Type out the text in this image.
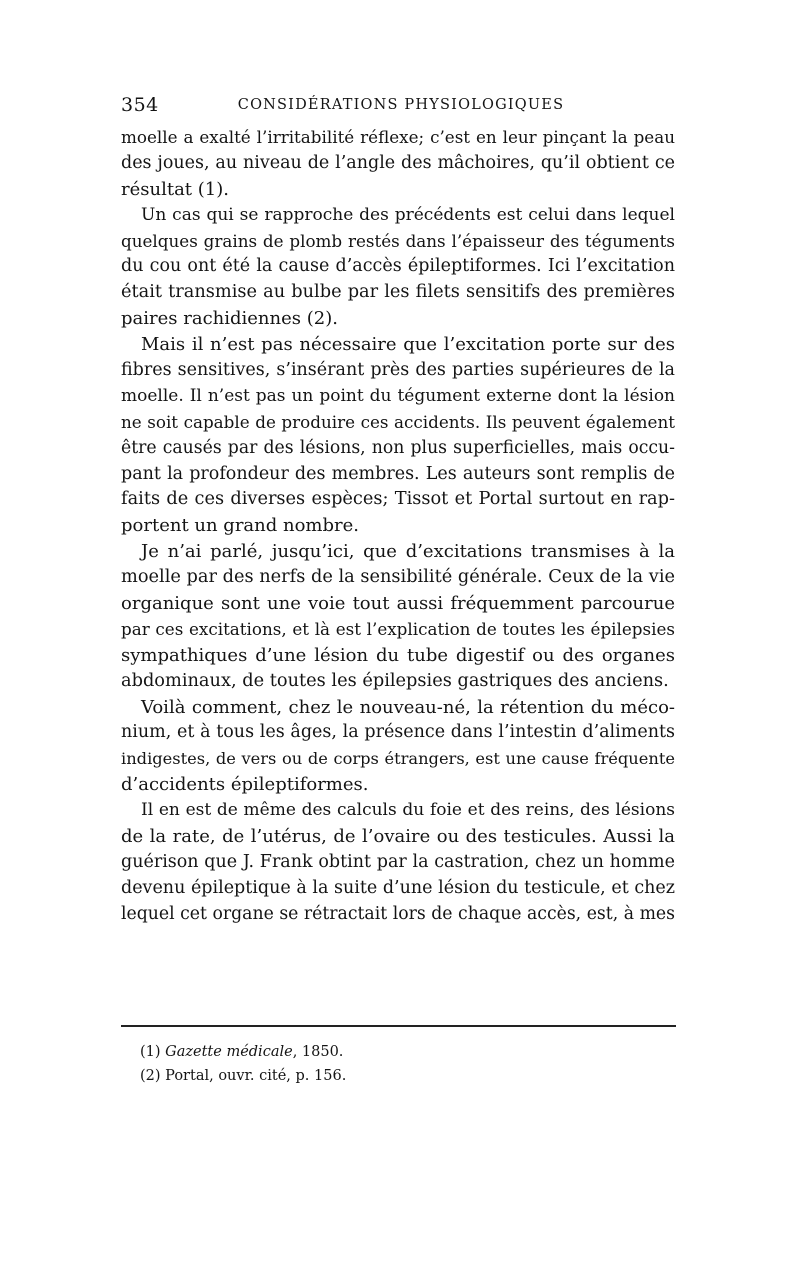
354	CONSIDÉRATIONS PHYSIOLOGIQUES
moelle a exalté l’irritabilité réflexe; c’est en leur pinçant la peau
des joues, au niveau de l’angle des mâchoires, qu’il obtient ce
résultat (1).
Un cas qui se rapproche des précédents est celui dans lequel
quelques grains de plomb restés dans l’épaisseur des téguments
du cou ont été la cause d’accès épileptiformes. Ici l’excitation
était transmise au bulbe par les filets sensitifs des premières
paires rachidiennes (2).
Mais il n’est pas nécessaire que l’excitation porte sur des
fibres sensitives, s’insérant près des parties supérieures de la
moelle. Il n’est pas un point du tégument externe dont la lésion
ne soit capable de produire ces accidents. Ils peuvent également
être causés par des lésions, non plus superficielles, mais occu-
pant la profondeur des membres. Les auteurs sont remplis de
faits de ces diverses espèces; Tissot et Portal surtout en rap-
portent un grand nombre.
Je n’ai parlé, jusqu’ici, que d’excitations transmises à la
moelle par des nerfs de la sensibilité générale. Ceux de la vie
organique sont une voie tout aussi fréquemment parcourue
par ces excitations, et là est l’explication de toutes les épilepsies
sympathiques d’une lésion du tube digestif ou des organes
abdominaux, de toutes les épilepsies gastriques des anciens.
Voilà comment, chez le nouveau-né, la rétention du méco-
nium, et à tous les âges, la présence dans l’intestin d’aliments
indigestes, de vers ou de corps étrangers, est une cause fréquente
d’accidents épileptiformes.
Il en est de même des calculs du foie et des reins, des lésions
de la rate, de l’utérus, de l’ovaire ou des testicules. Aussi la
guérison que J. Frank obtint par la castration, chez un homme
devenu épileptique à la suite d’une lésion du testicule, et chez
lequel cet organe se rétractait lors de chaque accès, est, à mes
(1) Gazette médicale, 1850.
(2) Portal, ouvr. cité, p. 156.
